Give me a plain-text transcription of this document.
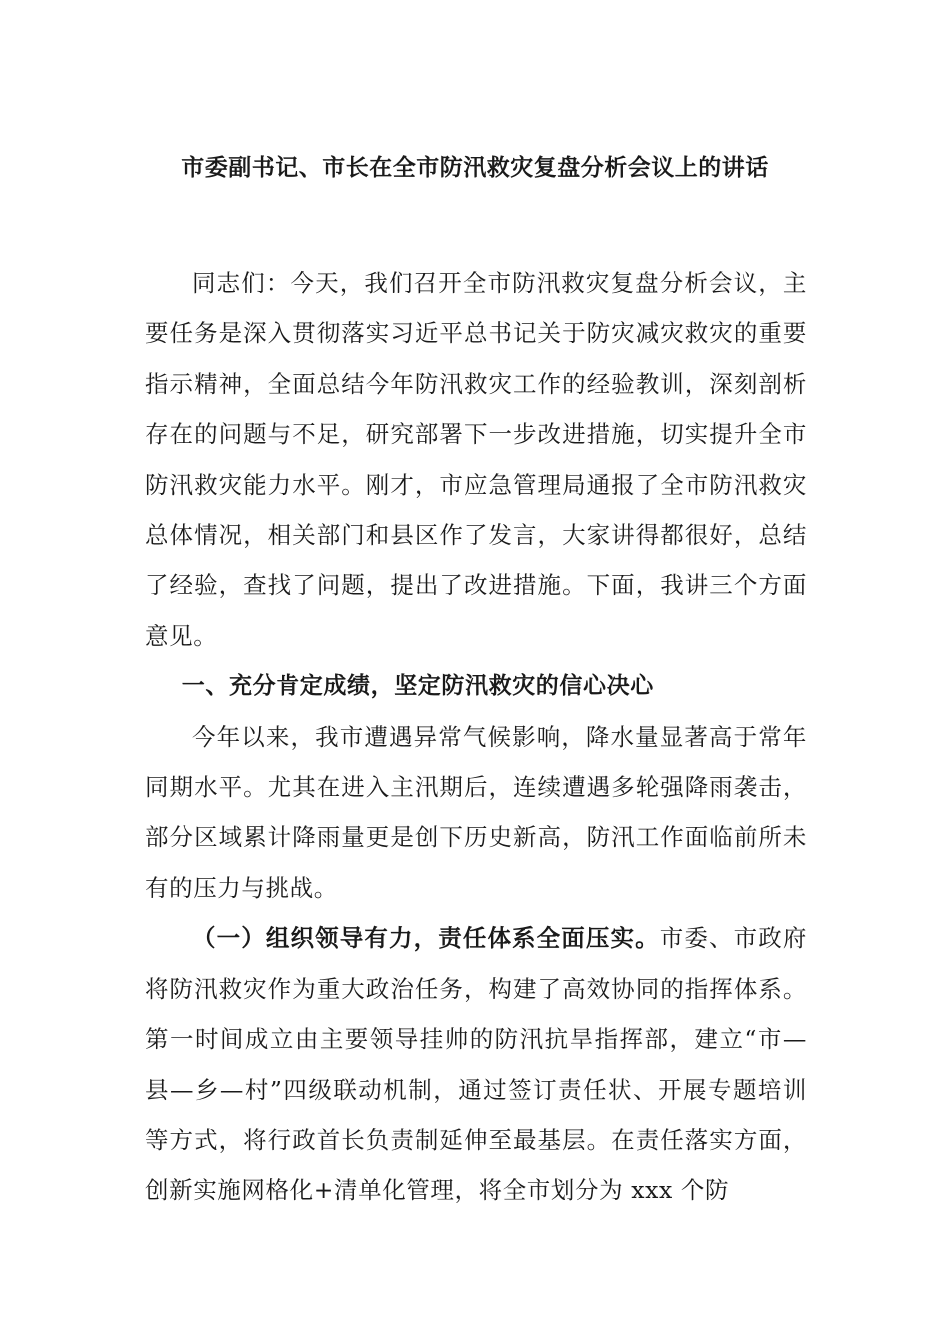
市委副书记、市长在全市防汛救灾复盘分析会议上的讲话

同志们：今天，我们召开全市防汛救灾复盘分析会议，主要任务是深入贯彻落实习近平总书记关于防灾减灾救灾的重要指示精神，全面总结今年防汛救灾工作的经验教训，深刻剖析存在的问题与不足，研究部署下一步改进措施，切实提升全市防汛救灾能力水平。刚才，市应急管理局通报了全市防汛救灾总体情况，相关部门和县区作了发言，大家讲得都很好，总结了经验，查找了问题，提出了改进措施。下面，我讲三个方面意见。

一、充分肯定成绩，坚定防汛救灾的信心决心

今年以来，我市遭遇异常气候影响，降水量显著高于常年同期水平。尤其在进入主汛期后，连续遭遇多轮强降雨袭击，部分区域累计降雨量更是创下历史新高，防汛工作面临前所未有的压力与挑战。

（一）组织领导有力，责任体系全面压实。市委、市政府将防汛救灾作为重大政治任务，构建了高效协同的指挥体系。第一时间成立由主要领导挂帅的防汛抗旱指挥部，建立“市—县—乡—村”四级联动机制，通过签订责任状、开展专题培训等方式，将行政首长负责制延伸至最基层。在责任落实方面，创新实施网格化+清单化管理，将全市划分为 xxx 个防
